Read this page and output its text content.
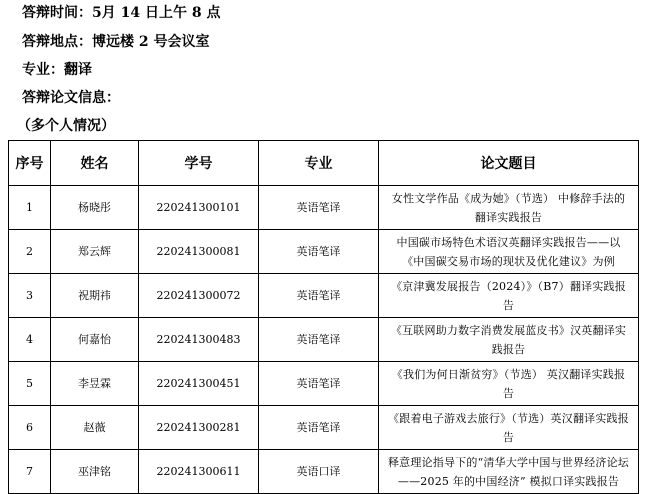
答辩时间：5月 14 日上午 8 点
答辩地点：博远楼 2 号会议室
专业：翻译
答辩论文信息：
（多个人情况）
序号	姓名	学号	专业	论文题目
1	杨晓彤	220241300101	英语笔译	女性文学作品《成为她》（节选） 中修辞手法的翻译实践报告
2	郑云辉	220241300081	英语笔译	中国碳市场特色术语汉英翻译实践报告——以《中国碳交易市场的现状及优化建议》为例
3	祝期祎	220241300072	英语笔译	《京津冀发展报告（2024）》（B7）翻译实践报告
4	何嘉怡	220241300483	英语笔译	《互联网助力数字消费发展蓝皮书》汉英翻译实践报告
5	李昱霖	220241300451	英语笔译	《我们为何日渐贫穷》（节选） 英汉翻译实践报告
6	赵薇	220241300281	英语笔译	《跟着电子游戏去旅行》（节选）英汉翻译实践报告
7	巫津铭	220241300611	英语口译	释意理论指导下的“清华大学中国与世界经济论坛——2025 年的中国经济” 模拟口译实践报告
